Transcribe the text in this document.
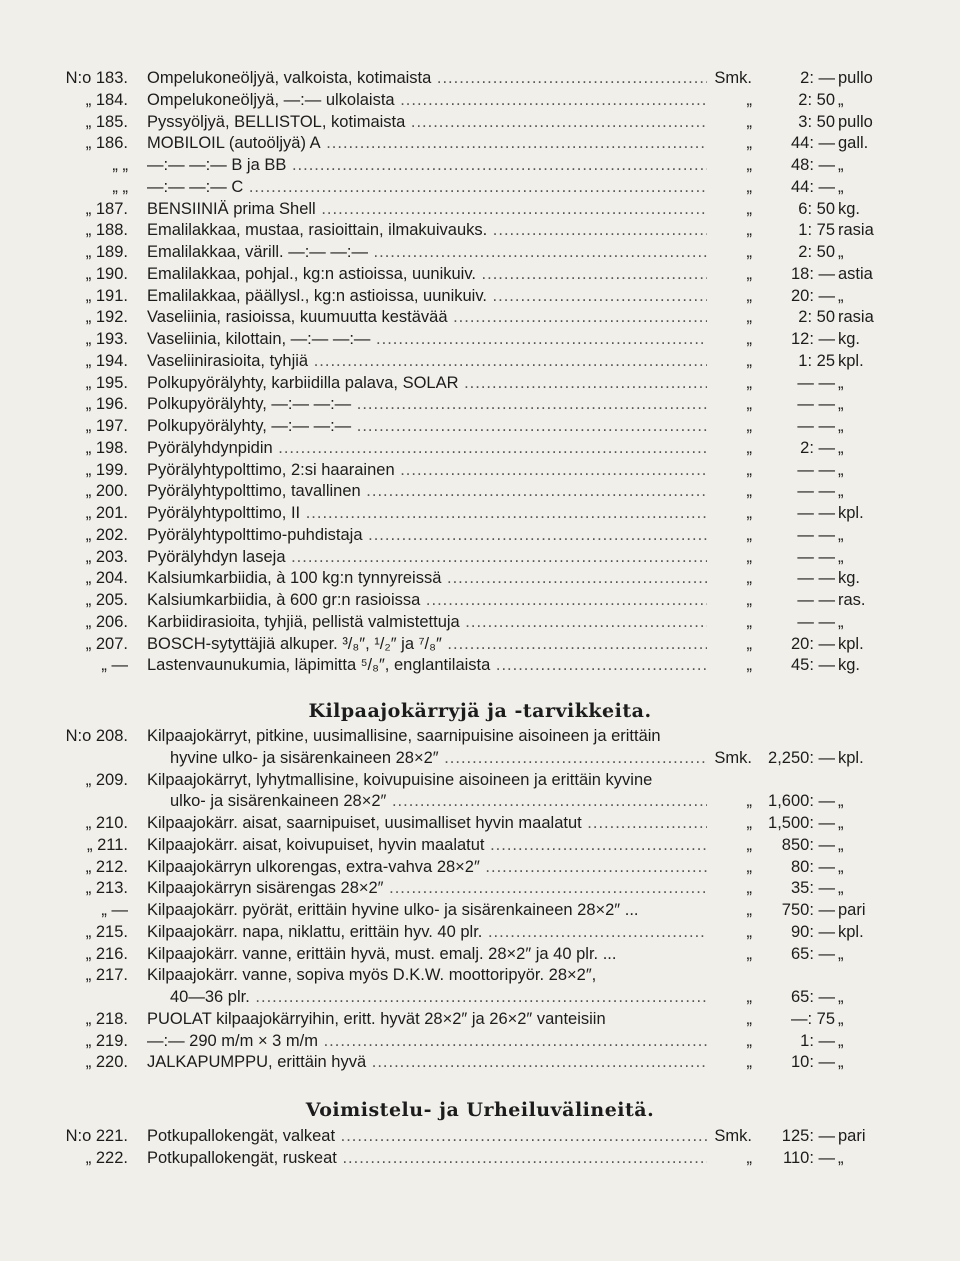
N:o 183. Ompelukoneöljyä, valkoista, kotimaista .....	Smk.	2: — pullo
„ 184. Ompelukoneöljyä, —:— ulkolaista .....	„	2: 50 „
„ 185. Pyssyöljyä, BELLISTOL, kotimaista .....	„	3: 50 pullo
„ 186. MOBILOIL (autoöljyä) A .....	„	44: — gall.
„ „ —:— —:— B ja BB .....	„	48: — „
„ „ —:— —:— C .....	„	44: — „
„ 187. BENSIINIÄ prima Shell .....	„	6: 50 kg.
„ 188. Emalilakkaa, mustaa, rasioittain, ilmakuivauks. .....	„	1: 75 rasia
„ 189. Emalilakkaa, värill. —:— —:— .....	„	2: 50 „
„ 190. Emalilakkaa, pohjal., kg:n astioissa, uunikuiv. .....	„	18: — astia
„ 191. Emalilakkaa, päällysl., kg:n astioissa, uunikuiv. .....	„	20: — „
„ 192. Vaseliinia, rasioissa, kuumuutta kestävää .....	„	2: 50 rasia
„ 193. Vaseliinia, kilottain, —:— —:— .....	„	12: — kg.
„ 194. Vaseliinirasioita, tyhjiä .....	„	1: 25 kpl.
„ 195. Polkupyörälyhty, karbiidilla palava, SOLAR .....	„	— — „
„ 196. Polkupyörälyhty, —:— —:— .....	„	— — „
„ 197. Polkupyörälyhty, —:— —:— .....	„	— — „
„ 198. Pyörälyhdynpidin .....	„	2: — „
„ 199. Pyörälyhtypolttimo, 2:si haarainen .....	„	— — „
„ 200. Pyörälyhtypolttimo, tavallinen .....	„	— — „
„ 201. Pyörälyhtypolttimo, II .....	„	— — kpl.
„ 202. Pyörälyhtypolttimo-puhdistaja .....	„	— — „
„ 203. Pyörälyhdyn laseja .....	„	— — „
„ 204. Kalsiumkarbiidia, à 100 kg:n tynnyreissä .....	„	— — kg.
„ 205. Kalsiumkarbiidia, à 600 gr:n rasioissa .....	„	— — ras.
„ 206. Karbiidirasioita, tyhjiä, pellistä valmistettuja .....	„	— — „
„ 207. BOSCH-sytyttäjiä alkuper. ³/₈″, ¹/₂″ ja ⁷/₈″ .....	„	20: — kpl.
„ — Lastenvaunukumia, läpimitta ⁵/₈″, englantilaista .....	„	45: — kg.
Kilpaajokärryjä ja -tarvikkeita.
N:o 208. Kilpaajokärryt, pitkine, uusimallisine, saarnipuisine aisoineen ja erittäin
hyvine ulko- ja sisärenkaineen 28×2″ .....	Smk. 2,250: — kpl.
„ 209. Kilpaajokärryt, lyhytmallisine, koivupuisine aisoineen ja erittäin kyvine
ulko- ja sisärenkaineen 28×2″ .....	„ 1,600: — „
„ 210. Kilpaajokärr. aisat, saarnipuiset, uusimalliset hyvin maalatut .....	„ 1,500: — „
„ 211. Kilpaajokärr. aisat, koivupuiset, hyvin maalatut .....	„	850: — „
„ 212. Kilpaajokärryn ulkorengas, extra-vahva 28×2″ .....	„	80: — „
„ 213. Kilpaajokärryn sisärengas 28×2″ .....	„	35: — „
„ — Kilpaajokärr. pyörät, erittäin hyvine ulko- ja sisärenkaineen 28×2″ ...	„	750: — pari
„ 215. Kilpaajokärr. napa, niklattu, erittäin hyv. 40 plr. .....	„	90: — kpl.
„ 216. Kilpaajokärr. vanne, erittäin hyvä, must. emalj. 28×2″ ja 40 plr. ...	„	65: — „
„ 217. Kilpaajokärr. vanne, sopiva myös D.K.W. moottoripyör. 28×2″,
40—36 plr. .....	„	65: — „
„ 218. PUOLAT kilpaajokärryihin, eritt. hyvät 28×2″ ja 26×2″ vanteisiin	„	—: 75 „
„ 219. —:— 290 m/m × 3 m/m .....	„	1: — „
„ 220. JALKAPUMPPU, erittäin hyvä .....	„	10: — „
Voimistelu- ja Urheiluvälineitä.
N:o 221. Potkupallokengät, valkeat .....	Smk.	125: — pari
„ 222. Potkupallokengät, ruskeat .....	„	110: — „
